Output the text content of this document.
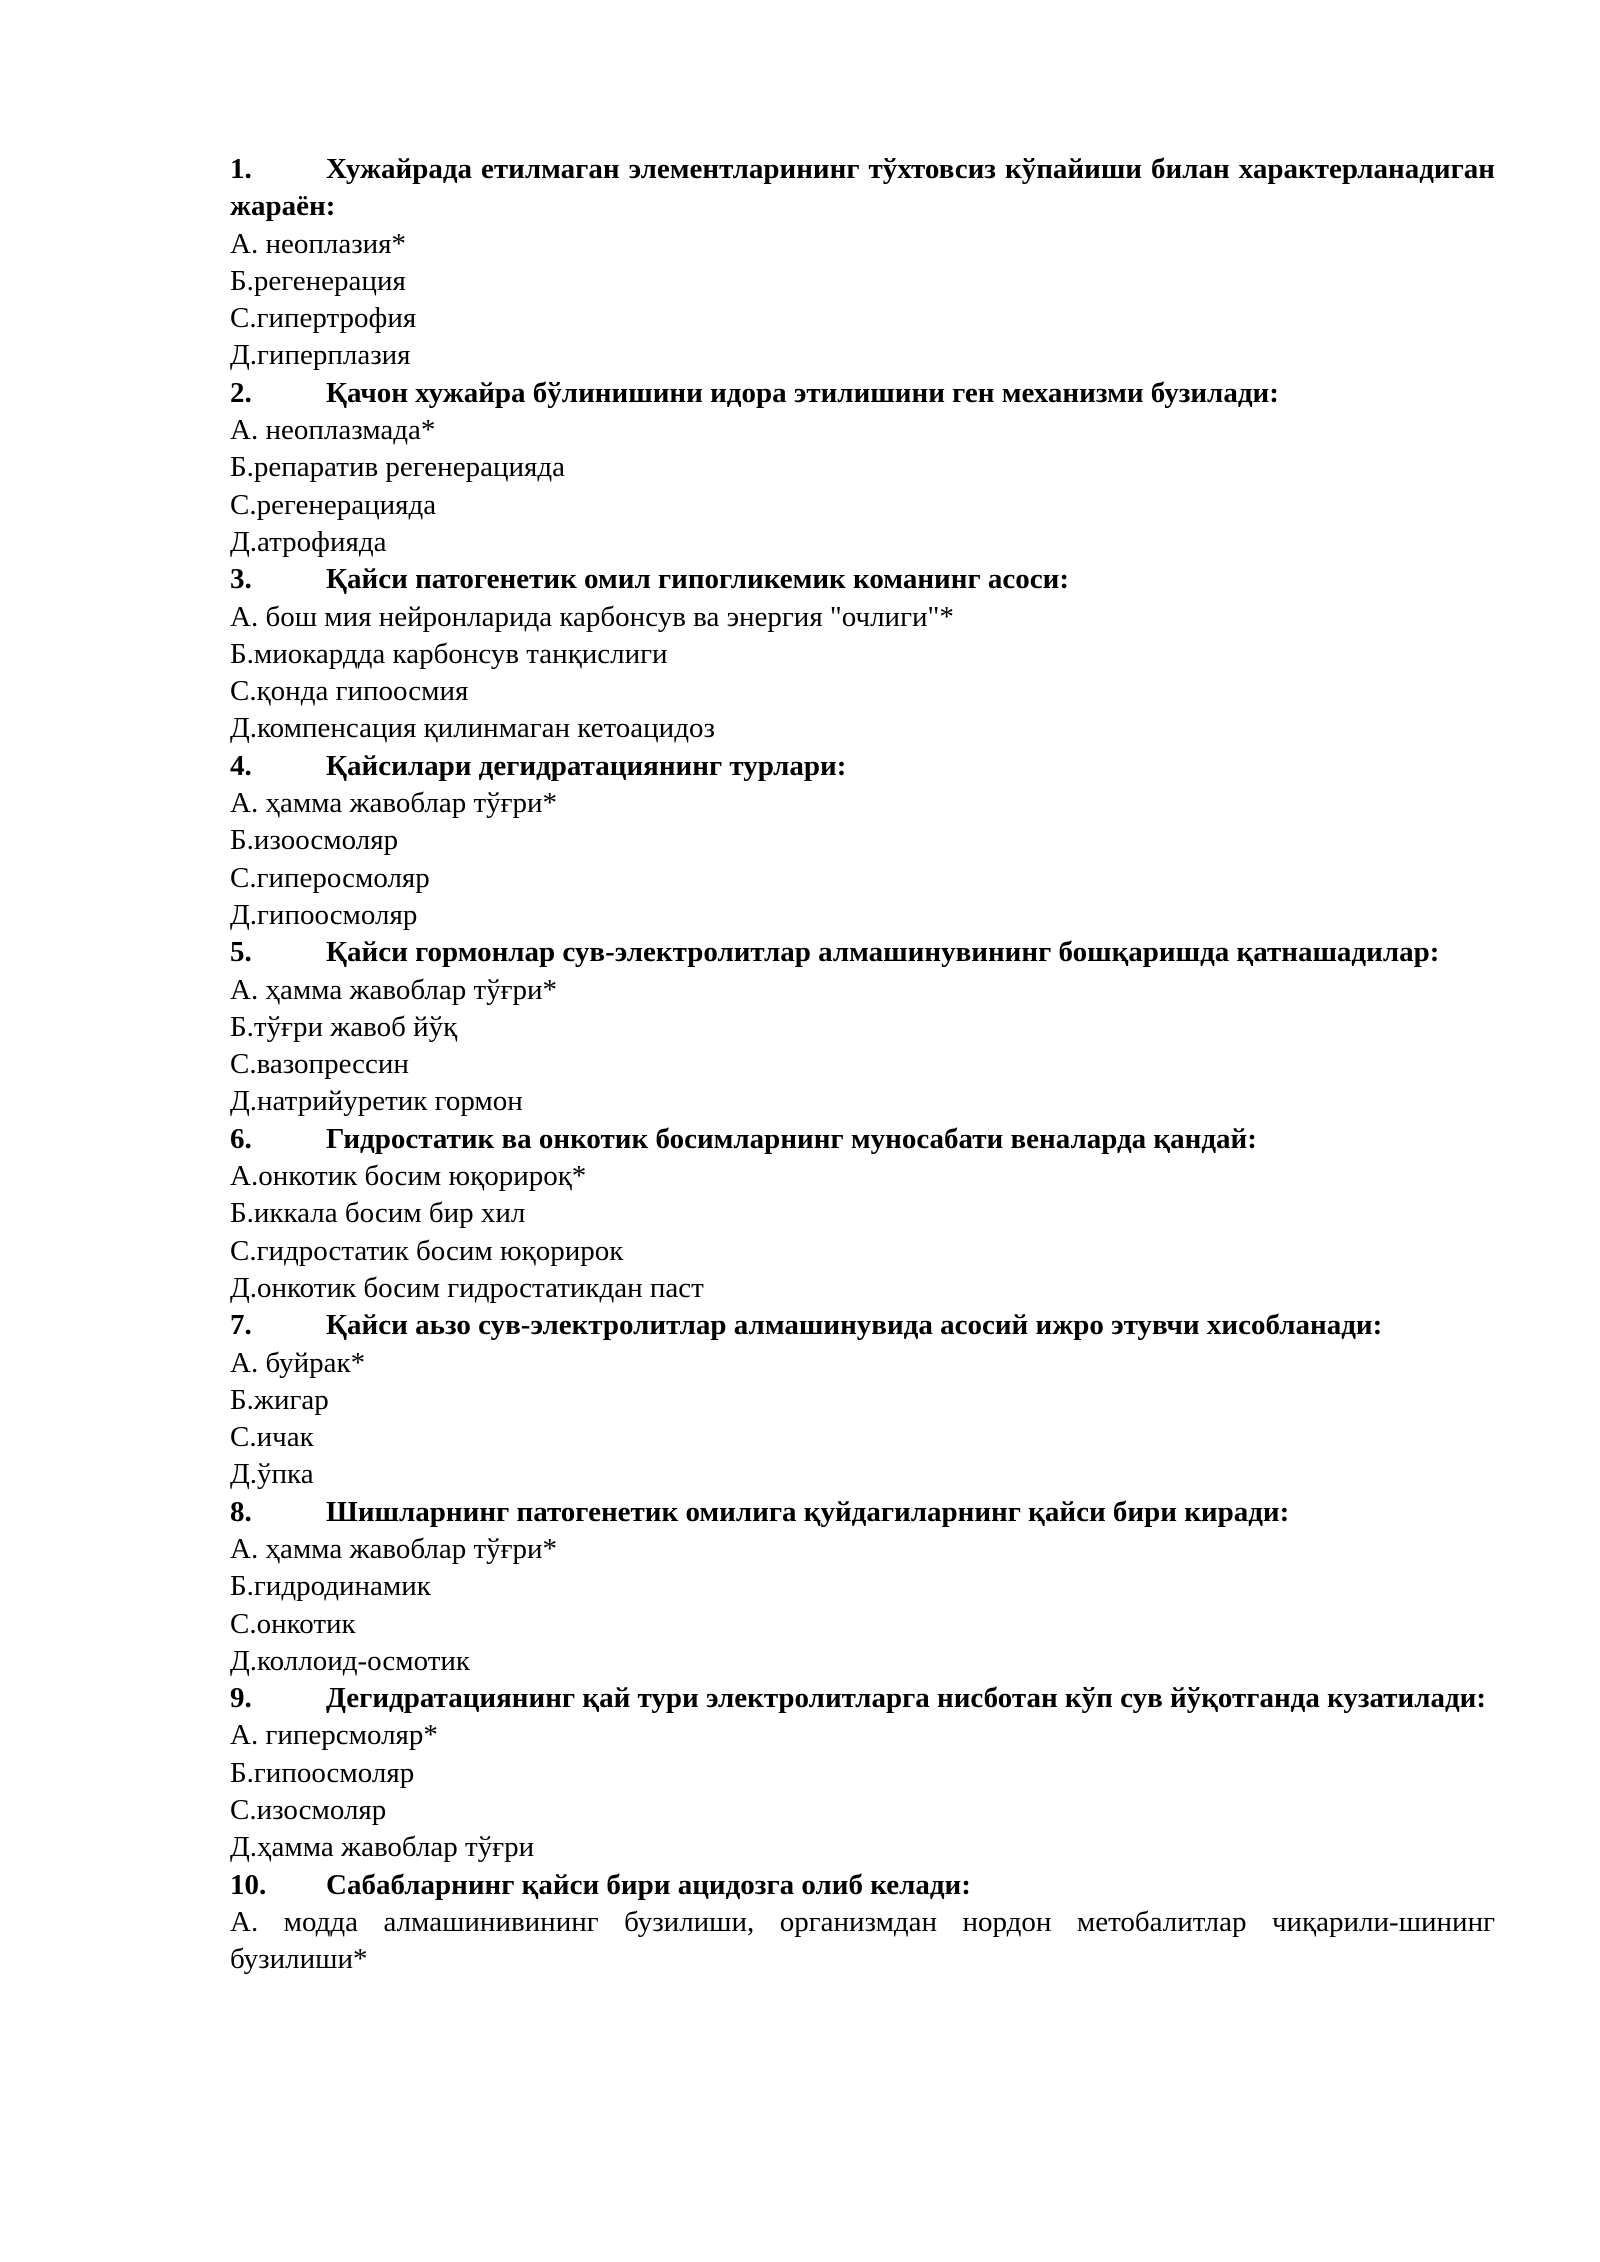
1.	Хужайрада етилмаган элементларининг тўхтовсиз кўпайиши билан характерланадиган жараён:

А. неоплазия*

Б.регенерация

С.гипертрофия

Д.гиперплазия

2.	Қачон хужайра бўлинишини идора этилишини ген механизми бузилади:

А. неоплазмада*

Б.репаратив регенерацияда

С.регенерацияда

Д.атрофияда

3.	Қайси патогенетик омил гипогликемик команинг асоси:

А. бош мия нейронларида карбонсув ва энергия "очлиги"*

Б.миокардда карбонсув танқислиги

С.қонда гипоосмия

Д.компенсация қилинмаган кетоацидоз

4.	Қайсилари дегидратациянинг турлари:

А. ҳамма жавоблар тўғри*

Б.изоосмоляр

С.гиперосмоляр

Д.гипоосмоляр

5.	Қайси гормонлар сув-электролитлар алмашинувининг бошқаришда қатнашадилар:

А. ҳамма жавоблар тўғри*

Б.тўғри жавоб йўқ

С.вазопрессин

Д.натрийуретик гормон

6.	Гидростатик ва онкотик босимларнинг муносабати веналарда қандай:

А.онкотик босим юқорироқ*

Б.иккала босим бир хил

С.гидростатик босим юқорирок

Д.онкотик босим гидростатикдан паст

7.	Қайси аьзо сув-электролитлар алмашинувида асосий ижро этувчи хисобланади:

А. буйрак*

Б.жигар

С.ичак

Д.ўпка

8.	Шишларнинг патогенетик омилига қуйдагиларнинг қайси бири киради:

А. ҳамма жавоблар тўғри*

Б.гидродинамик

С.онкотик

Д.коллоид-осмотик

9.	Дегидратациянинг қай тури электролитларга нисботан кўп сув йўқотганда кузатилади:

А. гиперсмоляр*

Б.гипоосмоляр

С.изосмоляр

Д.ҳамма жавоблар тўғри

10. Сабабларнинг қайси бири ацидозга олиб келади:

А. модда алмашинивининг бузилиши, организмдан нордон метобалитлар чиқарили-шининг бузилиши*
